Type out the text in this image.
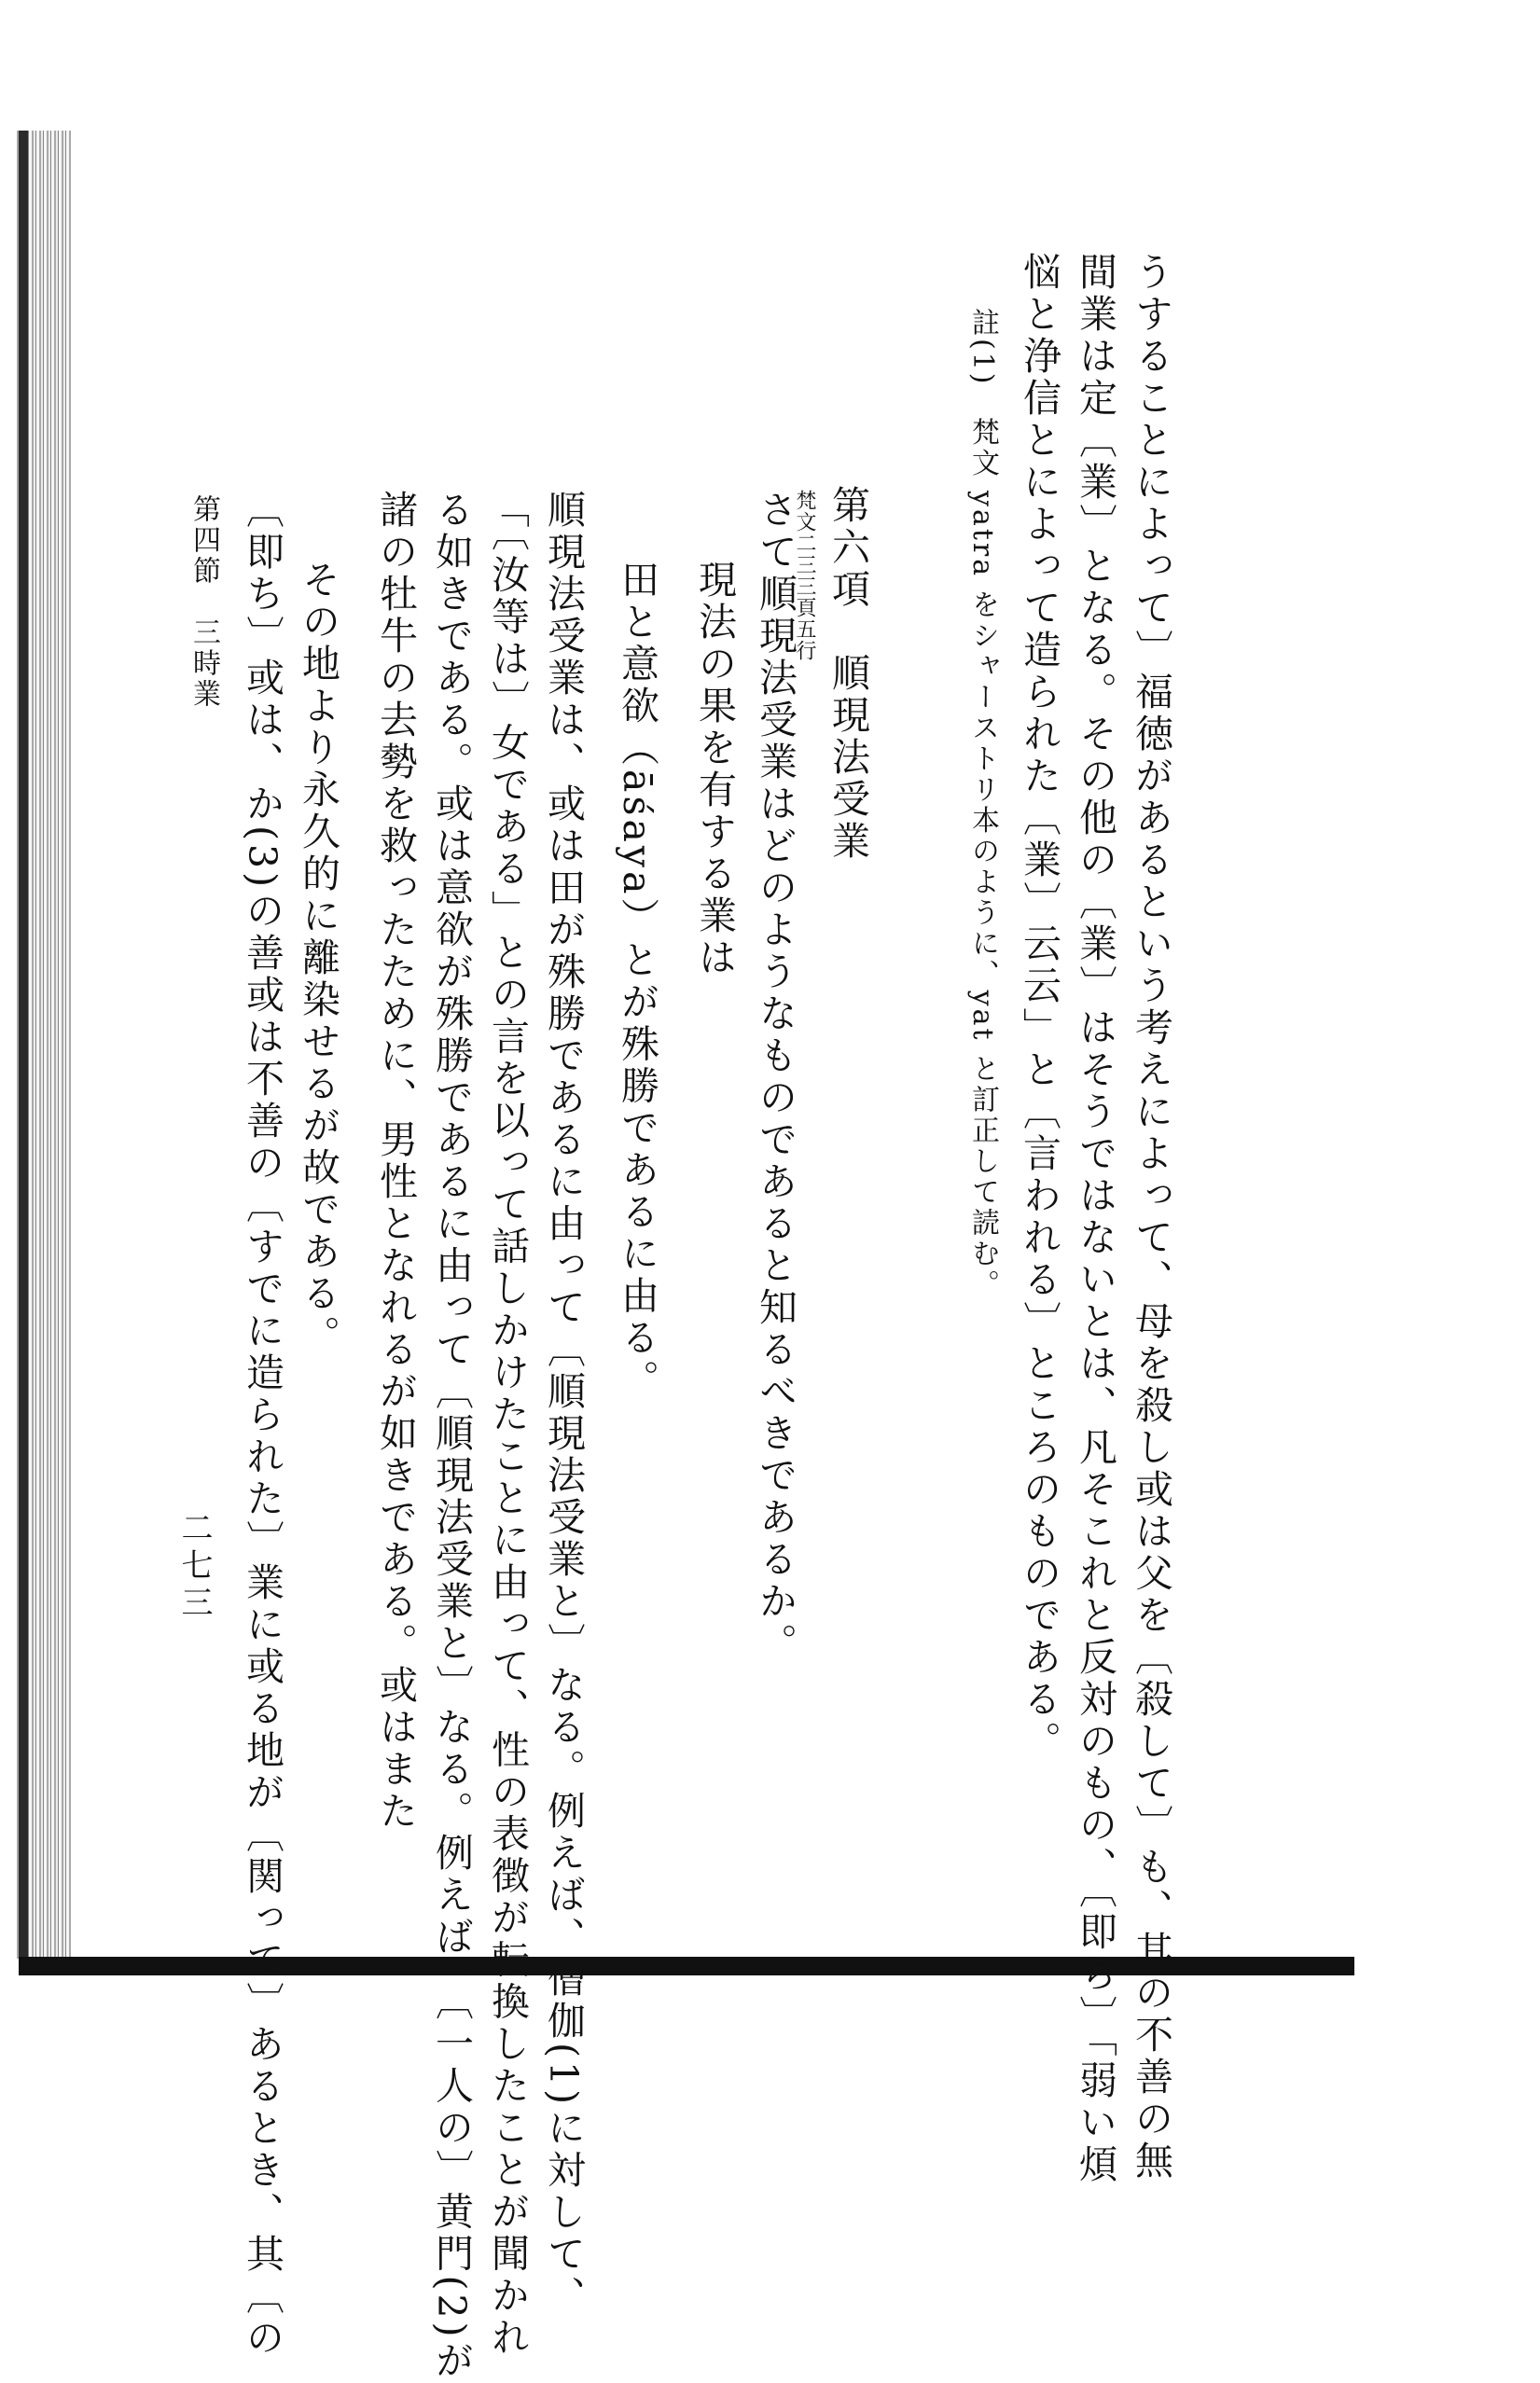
うすることによって〕福徳があるという考えによって、母を殺し或は父を〔殺して〕も、其の不善の無
間業は定〔業〕となる。その他の〔業〕はそうではないとは、凡そこれと反対のもの、〔即ち〕「弱い煩
悩と浄信とによって造られた〔業〕云云」と〔言われる〕ところのものである。
註(1)　梵文 yatra をシャーストリ本のように、yat と訂正して読む。
第六項　順現法受業
梵文二三三頁五行
さて順現法受業はどのようなものであると知るべきであるか。
現法の果を有する業は
田と意欲（āśaya）とが殊勝であるに由る。
順現法受業は、或は田が殊勝であるに由って〔順現法受業と〕なる。例えば、僧伽(1)に対して、
「〔汝等は〕女である」との言を以って話しかけたことに由って、性の表徴が転換したことが聞かれ
る如きである。或は意欲が殊勝であるに由って〔順現法受業と〕なる。例えば、〔一人の〕黄門(2)が
諸の牡牛の去勢を救ったために、男性となれるが如きである。或はまた
その地より永久的に離染せるが故である。
〔即ち〕或は、か(3)の善或は不善の〔すでに造られた〕業に或る地が〔関って〕あるとき、其〔の
第四節　三時業
二七三
